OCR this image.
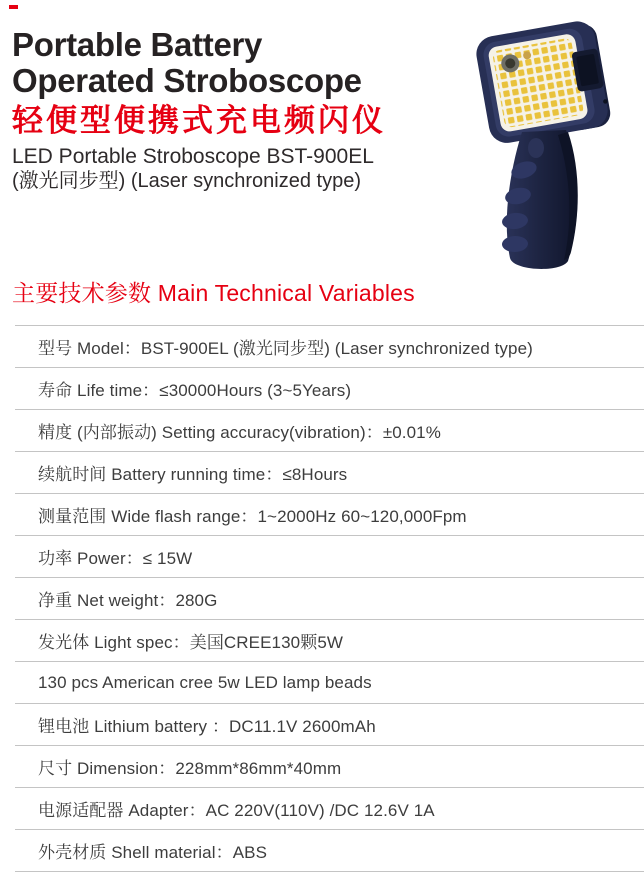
Portable Battery
Operated Stroboscope
轻便型便携式充电频闪仪
LED Portable Stroboscope BST-900EL
(激光同步型) (Laser synchronized type)
主要技术参数 Main Technical Variables
型号 Model：BST-900EL (激光同步型) (Laser synchronized type)
寿命 Life time：≤30000Hours (3~5Years)
精度 (内部振动) Setting accuracy(vibration)：±0.01%
续航时间 Battery running time：≤8Hours
测量范围 Wide flash range：1~2000Hz 60~120,000Fpm
功率 Power：≤ 15W
净重 Net weight：280G
发光体 Light spec：美国CREE130颗5W
130 pcs American cree 5w LED lamp beads
锂电池 Lithium battery ：DC11.1V 2600mAh
尺寸 Dimension：228mm*86mm*40mm
电源适配器 Adapter：AC 220V(110V) /DC 12.6V 1A
外壳材质 Shell material：ABS
